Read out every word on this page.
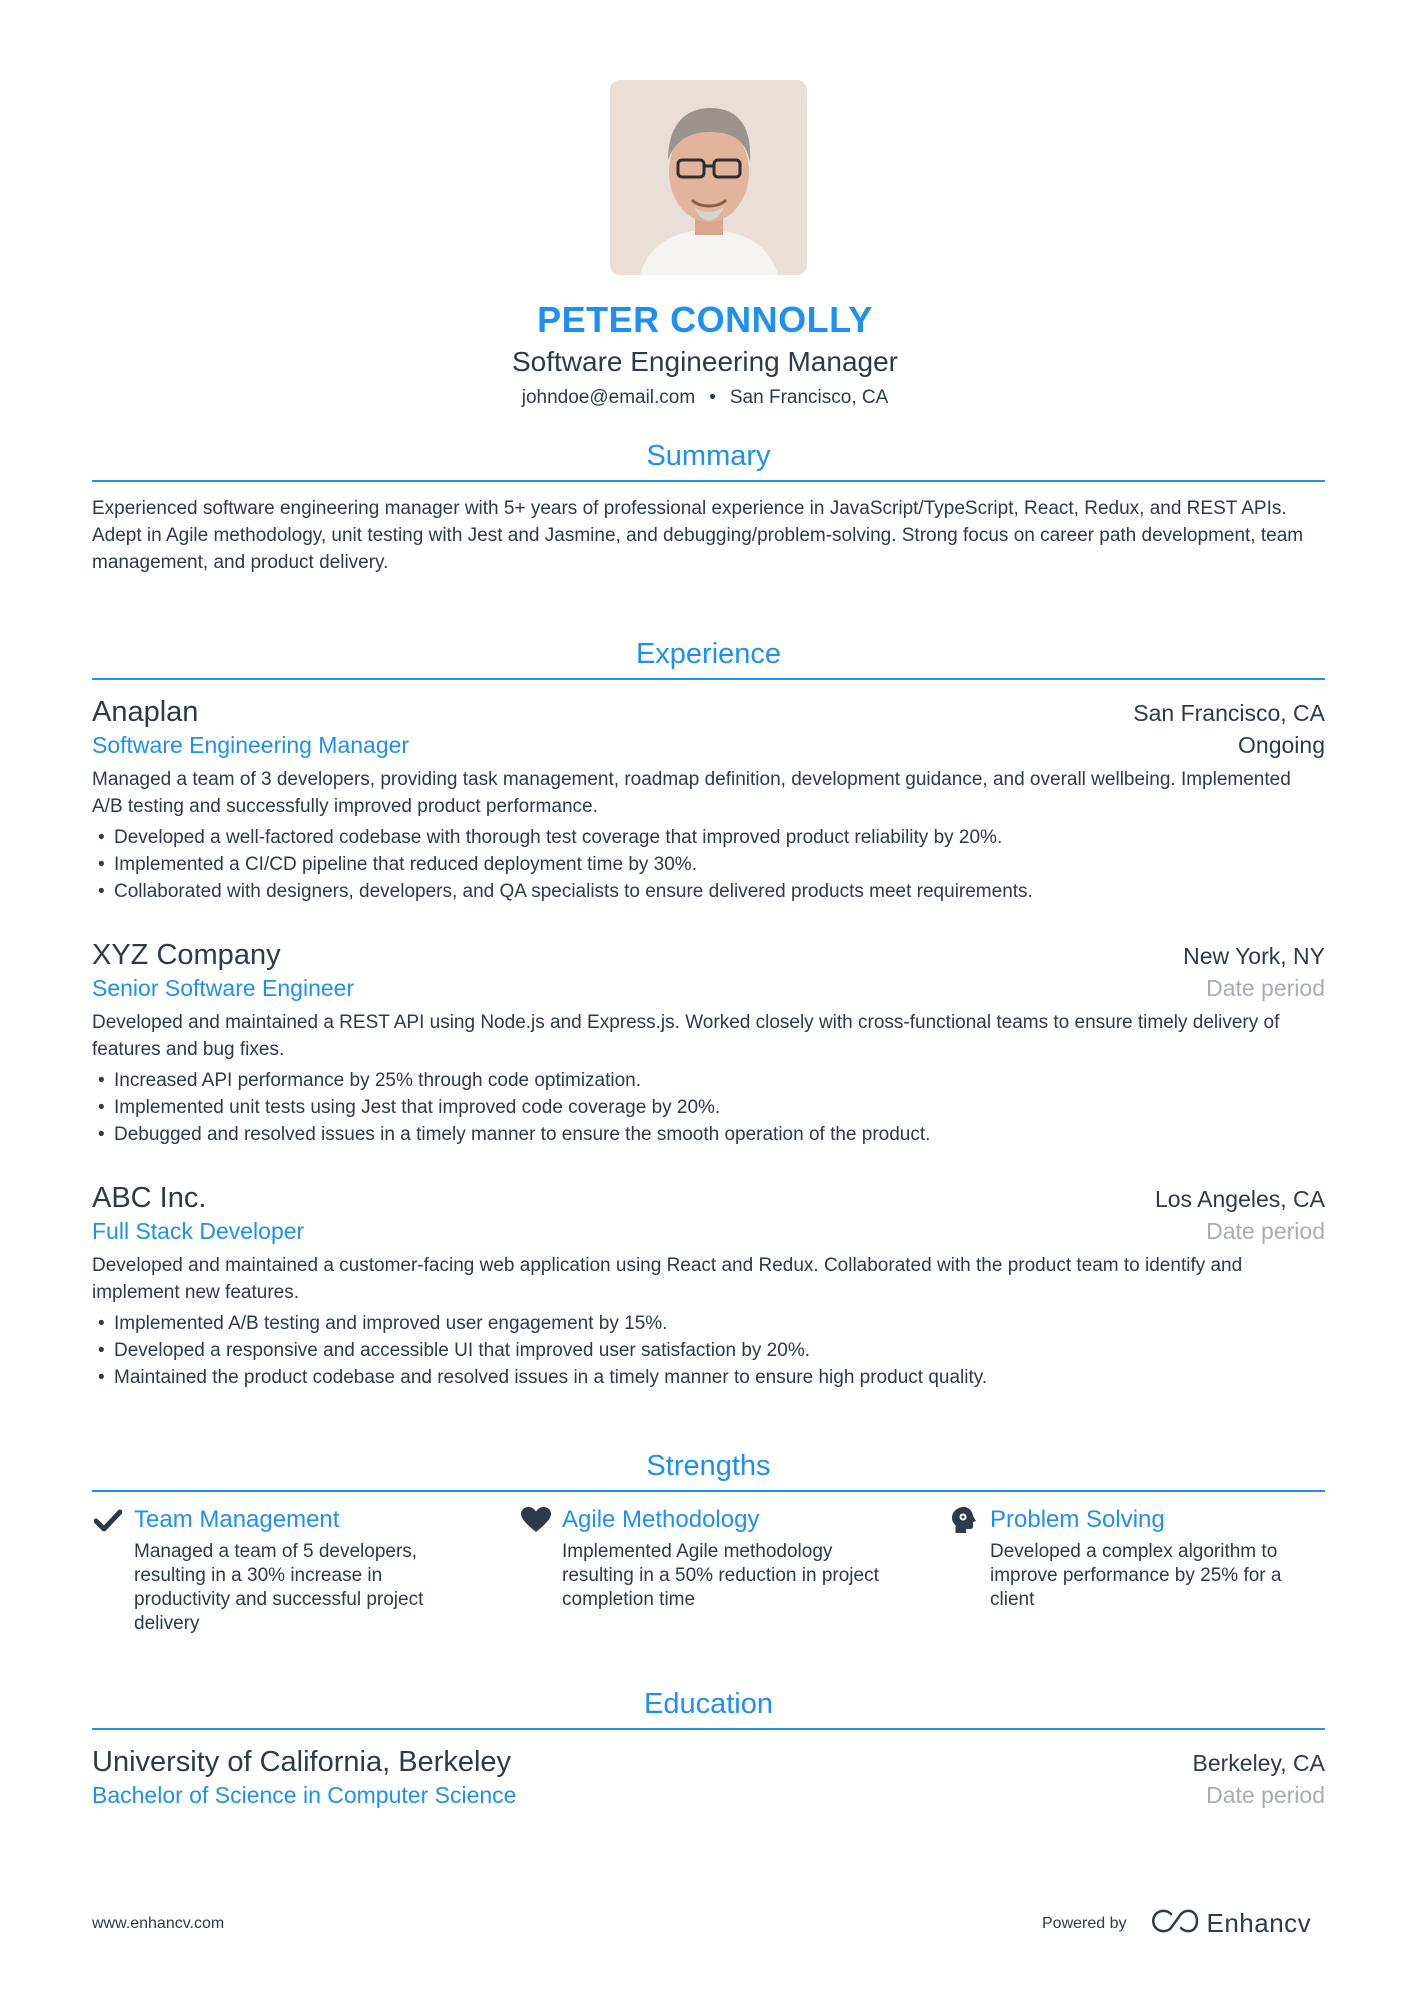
PETER CONNOLLY
Software Engineering Manager
johndoe@email.com • San Francisco, CA
Summary
Experienced software engineering manager with 5+ years of professional experience in JavaScript/TypeScript, React, Redux, and REST APIs. Adept in Agile methodology, unit testing with Jest and Jasmine, and debugging/problem-solving. Strong focus on career path development, team management, and product delivery.
Experience
Anaplan	San Francisco, CA
Software Engineering Manager	Ongoing
Managed a team of 3 developers, providing task management, roadmap definition, development guidance, and overall wellbeing. Implemented A/B testing and successfully improved product performance.
• Developed a well-factored codebase with thorough test coverage that improved product reliability by 20%.
• Implemented a CI/CD pipeline that reduced deployment time by 30%.
• Collaborated with designers, developers, and QA specialists to ensure delivered products meet requirements.
XYZ Company	New York, NY
Senior Software Engineer	Date period
Developed and maintained a REST API using Node.js and Express.js. Worked closely with cross-functional teams to ensure timely delivery of features and bug fixes.
• Increased API performance by 25% through code optimization.
• Implemented unit tests using Jest that improved code coverage by 20%.
• Debugged and resolved issues in a timely manner to ensure the smooth operation of the product.
ABC Inc.	Los Angeles, CA
Full Stack Developer	Date period
Developed and maintained a customer-facing web application using React and Redux. Collaborated with the product team to identify and implement new features.
• Implemented A/B testing and improved user engagement by 15%.
• Developed a responsive and accessible UI that improved user satisfaction by 20%.
• Maintained the product codebase and resolved issues in a timely manner to ensure high product quality.
Strengths
Team Management
Managed a team of 5 developers, resulting in a 30% increase in productivity and successful project delivery
Agile Methodology
Implemented Agile methodology resulting in a 50% reduction in project completion time
Problem Solving
Developed a complex algorithm to improve performance by 25% for a client
Education
University of California, Berkeley	Berkeley, CA
Bachelor of Science in Computer Science	Date period
www.enhancv.com	Powered by	Enhancv
